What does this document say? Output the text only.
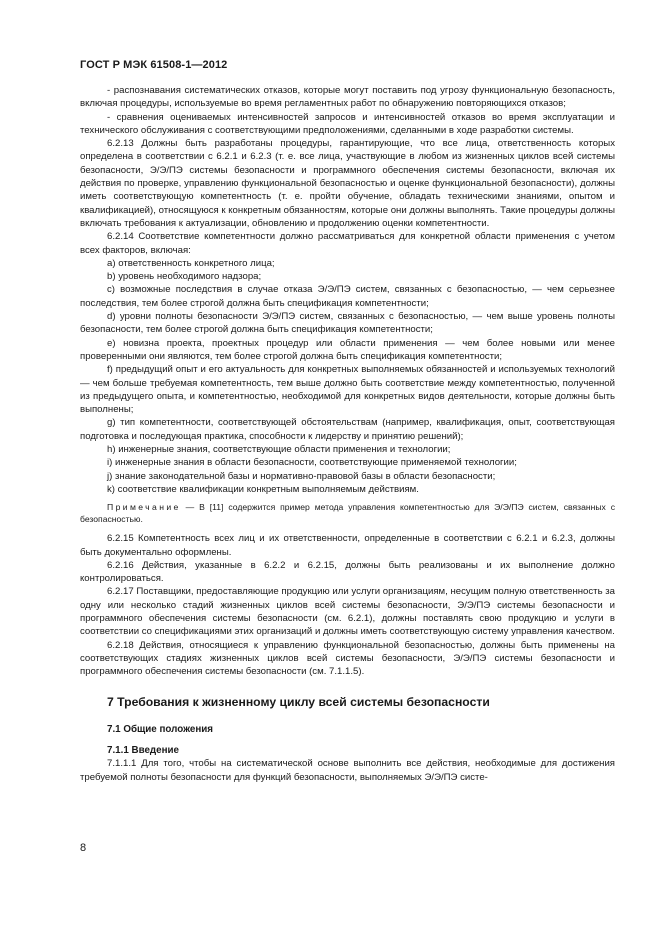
ГОСТ Р МЭК 61508-1—2012

- распознавания систематических отказов, которые могут поставить под угрозу функциональную безопасность, включая процедуры, используемые во время регламентных работ по обнаружению повторяющихся отказов;

- сравнения оцениваемых интенсивностей запросов и интенсивностей отказов во время эксплуатации и технического обслуживания с соответствующими предположениями, сделанными в ходе разработки системы.

6.2.13 Должны быть разработаны процедуры, гарантирующие, что все лица, ответственность которых определена в соответствии с 6.2.1 и 6.2.3 (т. е. все лица, участвующие в любом из жизненных циклов всей системы безопасности, Э/Э/ПЭ системы безопасности и программного обеспечения системы безопасности, включая их действия по проверке, управлению функциональной безопасностью и оценке функциональной безопасности), должны иметь соответствующую компетентность (т. е. пройти обучение, обладать техническими знаниями, опытом и квалификацией), относящуюся к конкретным обязанностям, которые они должны выполнять. Такие процедуры должны включать требования к актуализации, обновлению и продолжению оценки компетентности.

6.2.14 Соответствие компетентности должно рассматриваться для конкретной области применения с учетом всех факторов, включая:

a) ответственность конкретного лица;

b) уровень необходимого надзора;

c) возможные последствия в случае отказа Э/Э/ПЭ систем, связанных с безопасностью, — чем серьезнее последствия, тем более строгой должна быть спецификация компетентности;

d) уровни полноты безопасности Э/Э/ПЭ систем, связанных с безопасностью, — чем выше уровень полноты безопасности, тем более строгой должна быть спецификация компетентности;

e) новизна проекта, проектных процедур или области применения — чем более новыми или менее проверенными они являются, тем более строгой должна быть спецификация компетентности;

f) предыдущий опыт и его актуальность для конкретных выполняемых обязанностей и используемых технологий — чем больше требуемая компетентность, тем выше должно быть соответствие между компетентностью, полученной из предыдущего опыта, и компетентностью, необходимой для конкретных видов деятельности, которые должны быть выполнены;

g) тип компетентности, соответствующей обстоятельствам (например, квалификация, опыт, соответствующая подготовка и последующая практика, способности к лидерству и принятию решений);

h) инженерные знания, соответствующие области применения и технологии;

i) инженерные знания в области безопасности, соответствующие применяемой технологии;

j) знание законодательной базы и нормативно-правовой базы в области безопасности;

k) соответствие квалификации конкретным выполняемым действиям.

Примечание — В [11] содержится пример метода управления компетентностью для Э/Э/ПЭ систем, связанных с безопасностью.

6.2.15 Компетентность всех лиц и их ответственности, определенные в соответствии с 6.2.1 и 6.2.3, должны быть документально оформлены.

6.2.16 Действия, указанные в 6.2.2 и 6.2.15, должны быть реализованы и их выполнение должно контролироваться.

6.2.17 Поставщики, предоставляющие продукцию или услуги организациям, несущим полную ответственность за одну или несколько стадий жизненных циклов всей системы безопасности, Э/Э/ПЭ системы безопасности и программного обеспечения системы безопасности (см. 6.2.1), должны поставлять свою продукцию и услуги в соответствии со спецификациями этих организаций и должны иметь соответствующую систему управления качеством.

6.2.18 Действия, относящиеся к управлению функциональной безопасностью, должны быть применены на соответствующих стадиях жизненных циклов всей системы безопасности, Э/Э/ПЭ системы безопасности и программного обеспечения системы безопасности (см. 7.1.1.5).

7 Требования к жизненному циклу всей системы безопасности
7.1 Общие положения
7.1.1 Введение

7.1.1.1 Для того, чтобы на систематической основе выполнить все действия, необходимые для достижения требуемой полноты безопасности для функций безопасности, выполняемых Э/Э/ПЭ систе-

8
